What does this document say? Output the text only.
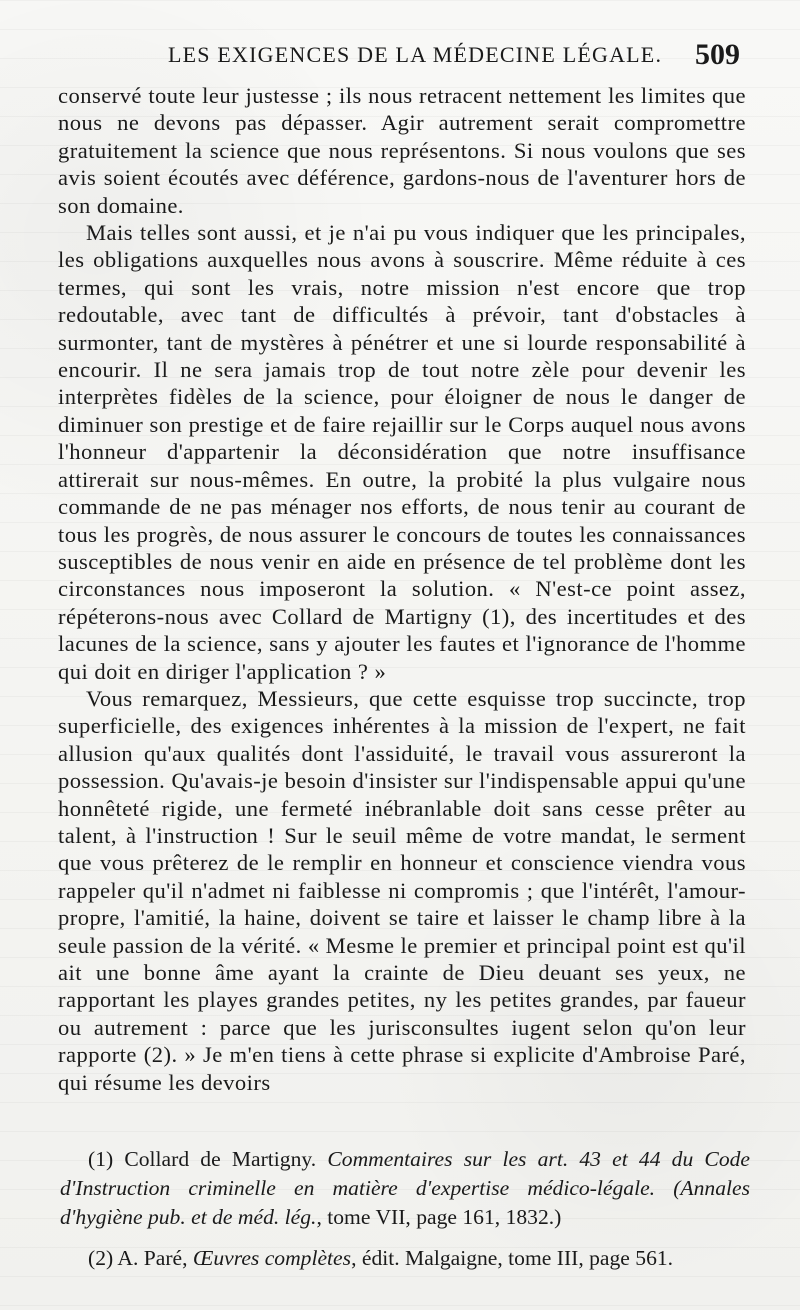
LES EXIGENCES DE LA MÉDECINE LÉGALE. 509

conservé toute leur justesse ; ils nous retracent nettement les limites que nous ne devons pas dépasser. Agir autrement serait compromettre gratuitement la science que nous représentons. Si nous voulons que ses avis soient écoutés avec déférence, gardons-nous de l'aventurer hors de son domaine.

Mais telles sont aussi, et je n'ai pu vous indiquer que les principales, les obligations auxquelles nous avons à souscrire. Même réduite à ces termes, qui sont les vrais, notre mission n'est encore que trop redoutable, avec tant de difficultés à prévoir, tant d'obstacles à surmonter, tant de mystères à pénétrer et une si lourde responsabilité à encourir. Il ne sera jamais trop de tout notre zèle pour devenir les interprètes fidèles de la science, pour éloigner de nous le danger de diminuer son prestige et de faire rejaillir sur le Corps auquel nous avons l'honneur d'appartenir la déconsidération que notre insuffisance attirerait sur nous-mêmes. En outre, la probité la plus vulgaire nous commande de ne pas ménager nos efforts, de nous tenir au courant de tous les progrès, de nous assurer le concours de toutes les connaissances susceptibles de nous venir en aide en présence de tel problème dont les circonstances nous imposeront la solution. « N'est-ce point assez, répéterons-nous avec Collard de Martigny (1), des incertitudes et des lacunes de la science, sans y ajouter les fautes et l'ignorance de l'homme qui doit en diriger l'application ? »

Vous remarquez, Messieurs, que cette esquisse trop succincte, trop superficielle, des exigences inhérentes à la mission de l'expert, ne fait allusion qu'aux qualités dont l'assiduité, le travail vous assureront la possession. Qu'avais-je besoin d'insister sur l'indispensable appui qu'une honnêteté rigide, une fermeté inébranlable doit sans cesse prêter au talent, à l'instruction ! Sur le seuil même de votre mandat, le serment que vous prêterez de le remplir en honneur et conscience viendra vous rappeler qu'il n'admet ni faiblesse ni compromis ; que l'intérêt, l'amour-propre, l'amitié, la haine, doivent se taire et laisser le champ libre à la seule passion de la vérité. « Mesme le premier et principal point est qu'il ait une bonne âme ayant la crainte de Dieu deuant ses yeux, ne rapportant les playes grandes petites, ny les petites grandes, par faueur ou autrement : parce que les jurisconsultes iugent selon qu'on leur rapporte (2). » Je m'en tiens à cette phrase si explicite d'Ambroise Paré, qui résume les devoirs

(1) Collard de Martigny. Commentaires sur les art. 43 et 44 du Code d'Instruction criminelle en matière d'expertise médico-légale. (Annales d'hygiène pub. et de méd. lég., tome VII, page 161, 1832.)

(2) A. Paré, Œuvres complètes, édit. Malgaigne, tome III, page 561.
